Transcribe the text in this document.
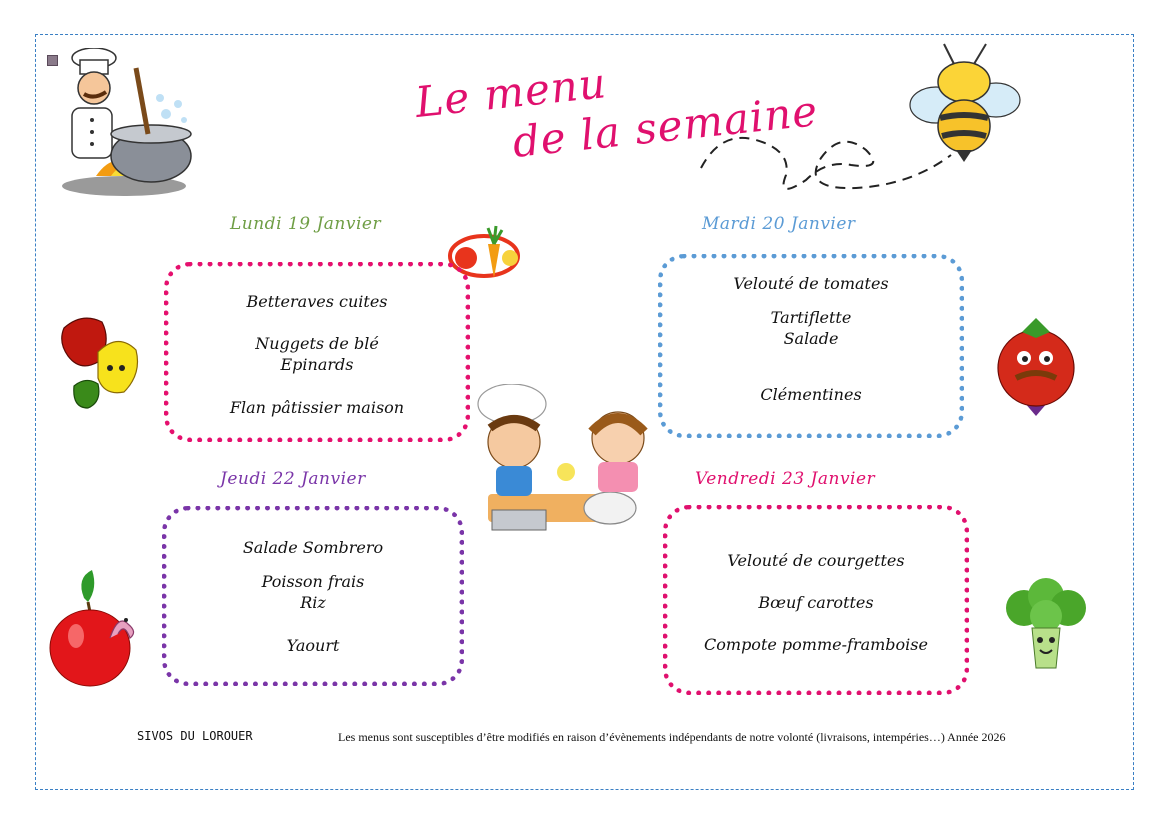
Le menu
de la semaine
Lundi 19 Janvier	Mardi 20 Janvier
Jeudi 22 Janvier	Vendredi 23 Janvier
Betteraves cuites
Nuggets de blé
Epinards
Flan pâtissier maison
Velouté de tomates
Tartiflette
Salade
Clémentines
Salade Sombrero
Poisson frais
Riz
Yaourt
Velouté de courgettes
Bœuf carottes
Compote pomme-framboise
SIVOS DU LOROUER	Les menus sont susceptibles d’être modifiés en raison d’évènements indépendants de notre volonté (livraisons, intempéries…) Année 2026
